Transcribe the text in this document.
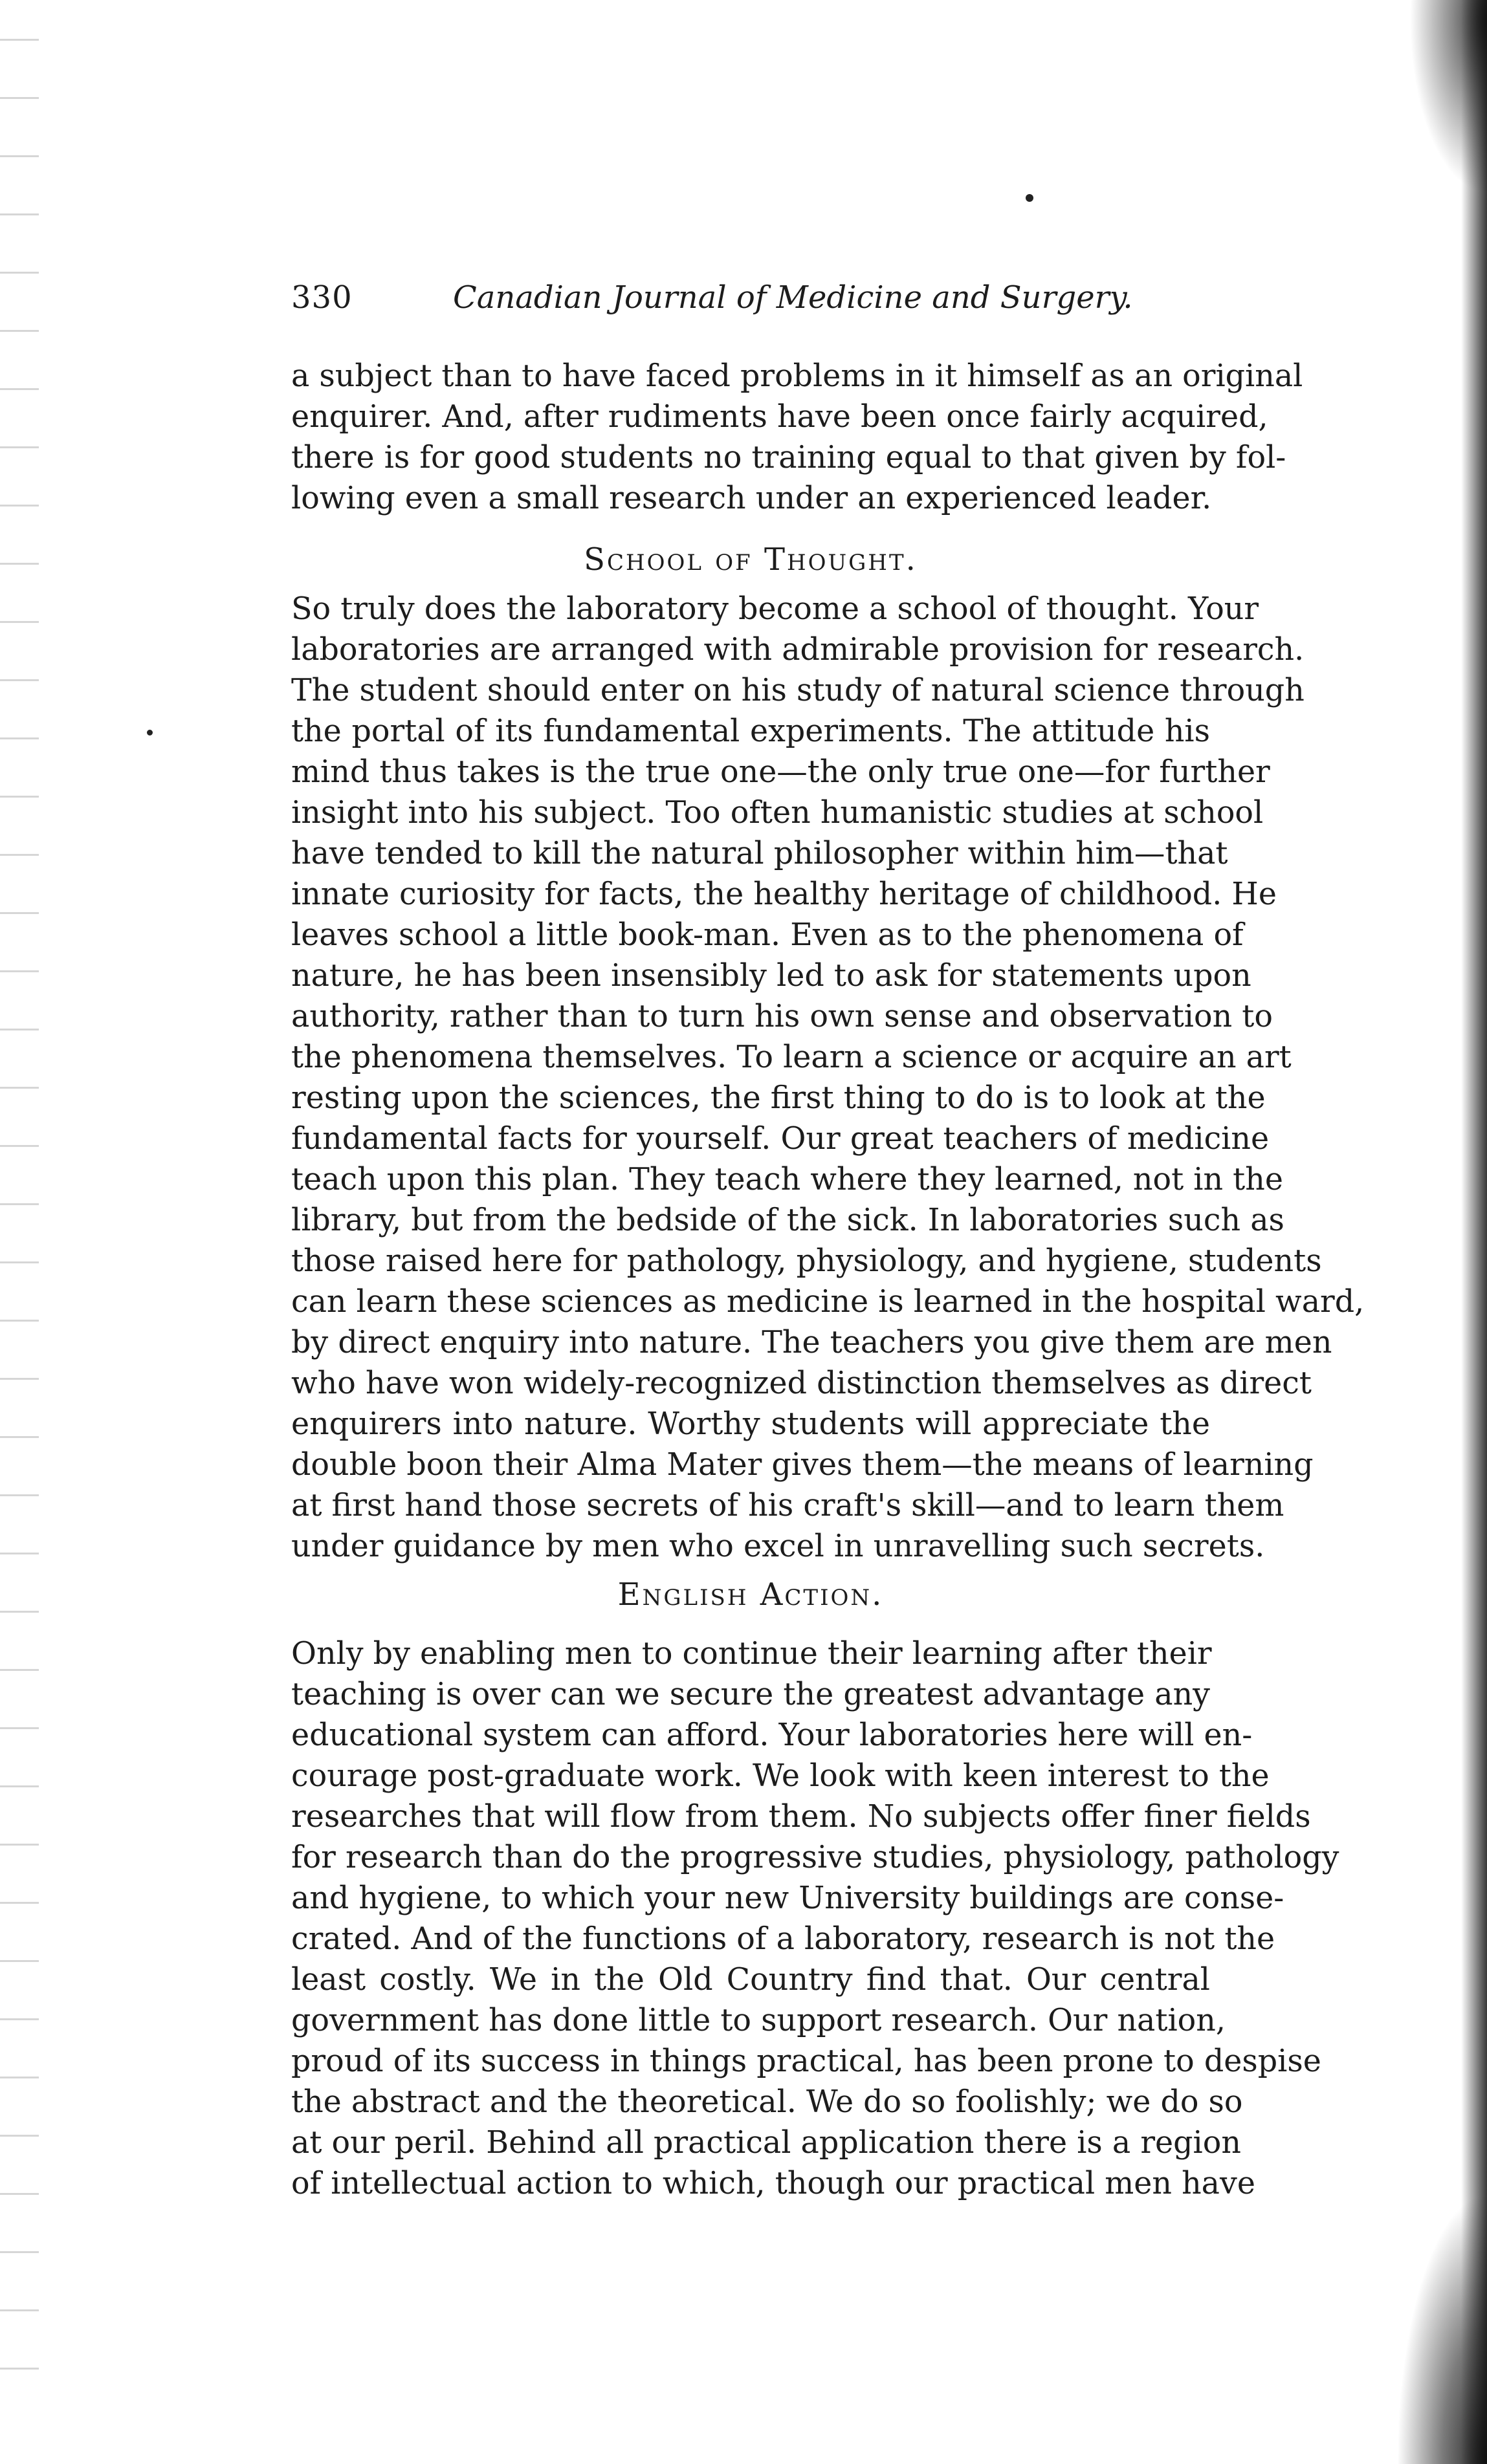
330	Canadian Journal of Medicine and Surgery.
a subject than to have faced problems in it himself as an original
enquirer. And, after rudiments have been once fairly acquired,
there is for good students no training equal to that given by fol-
lowing even a small research under an experienced leader.
School of Thought.
So truly does the laboratory become a school of thought. Your
laboratories are arranged with admirable provision for research.
The student should enter on his study of natural science through
the portal of its fundamental experiments. The attitude his
mind thus takes is the true one—the only true one—for further
insight into his subject. Too often humanistic studies at school
have tended to kill the natural philosopher within him—that
innate curiosity for facts, the healthy heritage of childhood. He
leaves school a little book-man. Even as to the phenomena of
nature, he has been insensibly led to ask for statements upon
authority, rather than to turn his own sense and observation to
the phenomena themselves. To learn a science or acquire an art
resting upon the sciences, the first thing to do is to look at the
fundamental facts for yourself. Our great teachers of medicine
teach upon this plan. They teach where they learned, not in the
library, but from the bedside of the sick. In laboratories such as
those raised here for pathology, physiology, and hygiene, students
can learn these sciences as medicine is learned in the hospital ward,
by direct enquiry into nature. The teachers you give them are men
who have won widely-recognized distinction themselves as direct
enquirers into nature. Worthy students will appreciate the
double boon their Alma Mater gives them—the means of learning
at first hand those secrets of his craft's skill—and to learn them
under guidance by men who excel in unravelling such secrets.
English Action.
Only by enabling men to continue their learning after their
teaching is over can we secure the greatest advantage any
educational system can afford. Your laboratories here will en-
courage post-graduate work. We look with keen interest to the
researches that will flow from them. No subjects offer finer fields
for research than do the progressive studies, physiology, pathology
and hygiene, to which your new University buildings are conse-
crated. And of the functions of a laboratory, research is not the
least costly. We in the Old Country find that. Our central
government has done little to support research. Our nation,
proud of its success in things practical, has been prone to despise
the abstract and the theoretical. We do so foolishly; we do so
at our peril. Behind all practical application there is a region
of intellectual action to which, though our practical men have
